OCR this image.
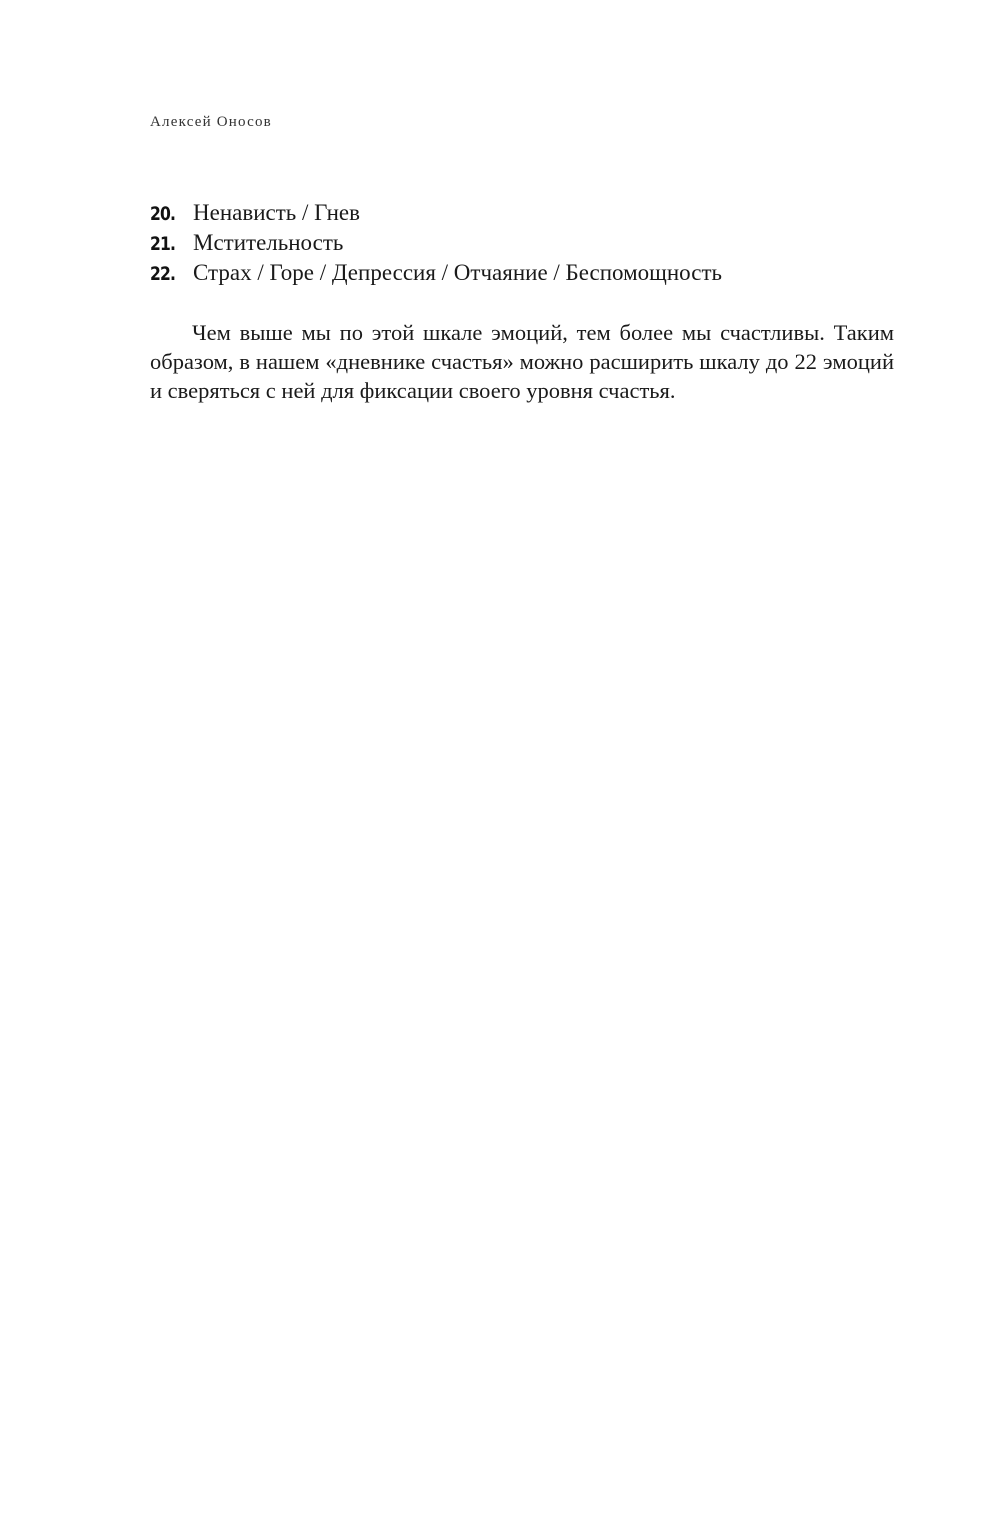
Алексей Оносов
20. Ненависть / Гнев
21. Мстительность
22. Страх / Горе / Депрессия / Отчаяние / Беспомощность

Чем выше мы по этой шкале эмоций, тем более мы счастливы. Таким образом, в нашем «дневнике счастья» можно расширить шкалу до 22 эмоций и сверяться с ней для фиксации своего уровня счастья.
